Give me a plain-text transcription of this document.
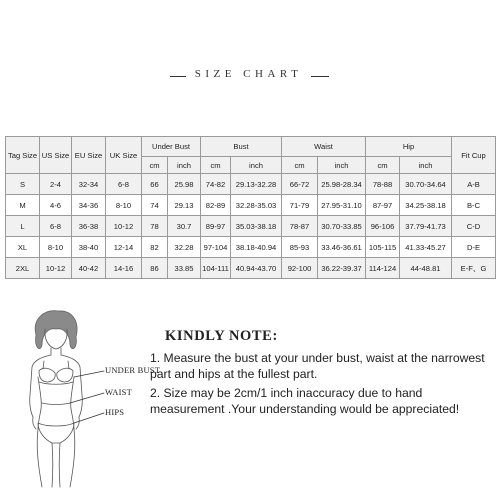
SIZE CHART
Tag Size	US Size	EU Size	UK Size	Under Bust		Bust		Waist		Hip		Fit Cup
				cm	inch	cm	inch	cm	inch	cm	inch	
S	2-4	32-34	6-8	66	25.98	74-82	29.13-32.28	66-72	25.98-28.34	78-88	30.70-34.64	A-B
M	4-6	34-36	8-10	74	29.13	82-89	32.28-35.03	71-79	27.95-31.10	87-97	34.25-38.18	B-C
L	6-8	36-38	10-12	78	30.7	89-97	35.03-38.18	78-87	30.70-33.85	96-106	37.79-41.73	C-D
XL	8-10	38-40	12-14	82	32.28	97-104	38.18-40.94	85-93	33.46-36.61	105-115	41.33-45.27	D-E
2XL	10-12	40-42	14-16	86	33.85	104-111	40.94-43.70	92-100	36.22-39.37	114-124	44-48.81	E-F、G
UNDER BUST
WAIST
HIPS
KINDLY NOTE:

1. Measure the bust at your under bust, waist at the narrowest

part and hips at the fullest part.

2. Size may be 2cm/1 inch inaccuracy due to hand

measurement .Your understanding would be appreciated!
